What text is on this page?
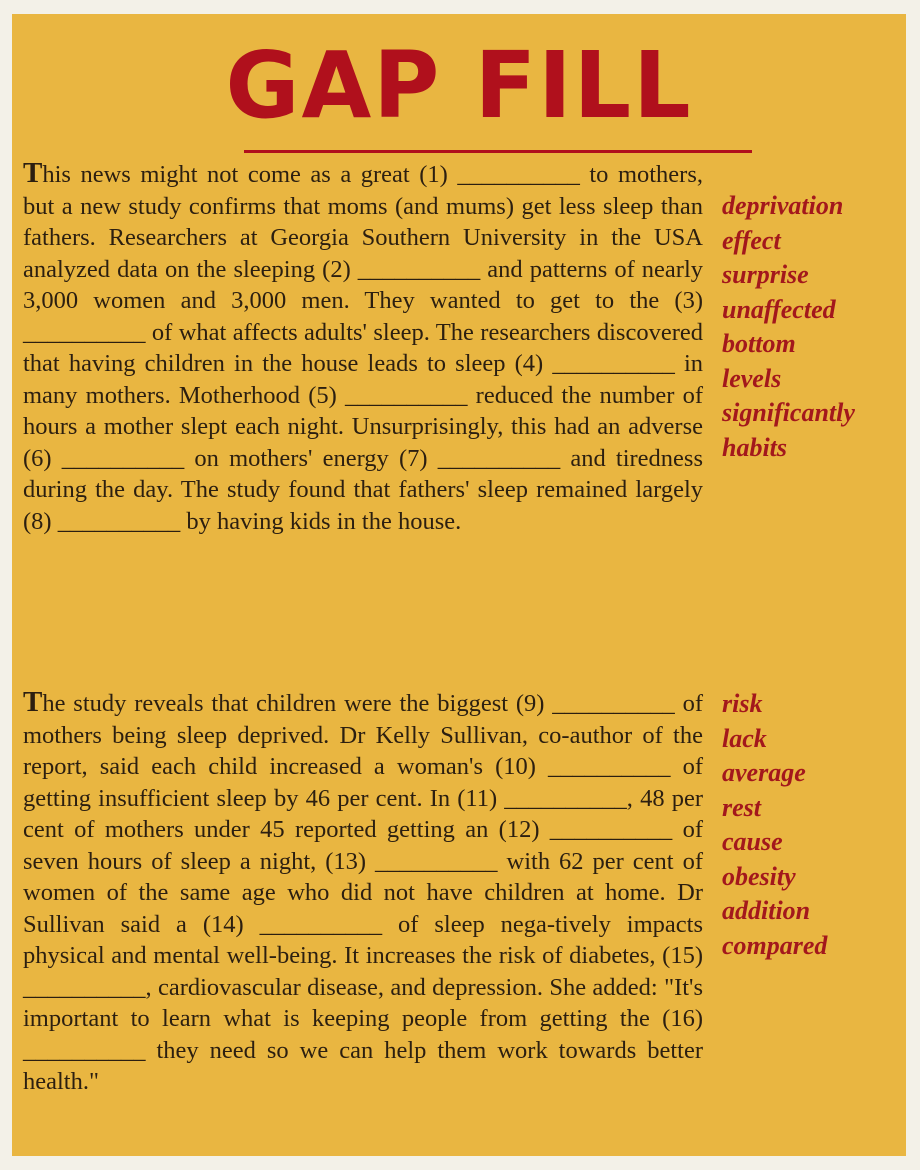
GAP FILL
This news might not come as a great (1) __________ to mothers, but a new study confirms that moms (and mums) get less sleep than fathers. Researchers at Georgia Southern University in the USA analyzed data on the sleeping (2) __________ and patterns of nearly 3,000 women and 3,000 men. They wanted to get to the (3) __________ of what affects adults' sleep. The researchers discovered that having children in the house leads to sleep (4) __________ in many mothers. Motherhood (5) __________ reduced the number of hours a mother slept each night. Unsurprisingly, this had an adverse (6) __________ on mothers' energy (7) __________ and tiredness during the day. The study found that fathers' sleep remained largely (8) __________ by having kids in the house.
deprivation
effect
surprise
unaffected
bottom
levels
significantly
habits
The study reveals that children were the biggest (9) __________ of mothers being sleep deprived. Dr Kelly Sullivan, co-author of the report, said each child increased a woman's (10) __________ of getting insufficient sleep by 46 per cent. In (11) __________, 48 per cent of mothers under 45 reported getting an (12) __________ of seven hours of sleep a night, (13) __________ with 62 per cent of women of the same age who did not have children at home. Dr Sullivan said a (14) __________ of sleep nega-tively impacts physical and mental well-being. It increases the risk of diabetes, (15) __________, cardiovascular disease, and depression. She added: "It's important to learn what is keeping people from getting the (16) __________ they need so we can help them work towards better health."
risk
lack
average
rest
cause
obesity
addition
compared
